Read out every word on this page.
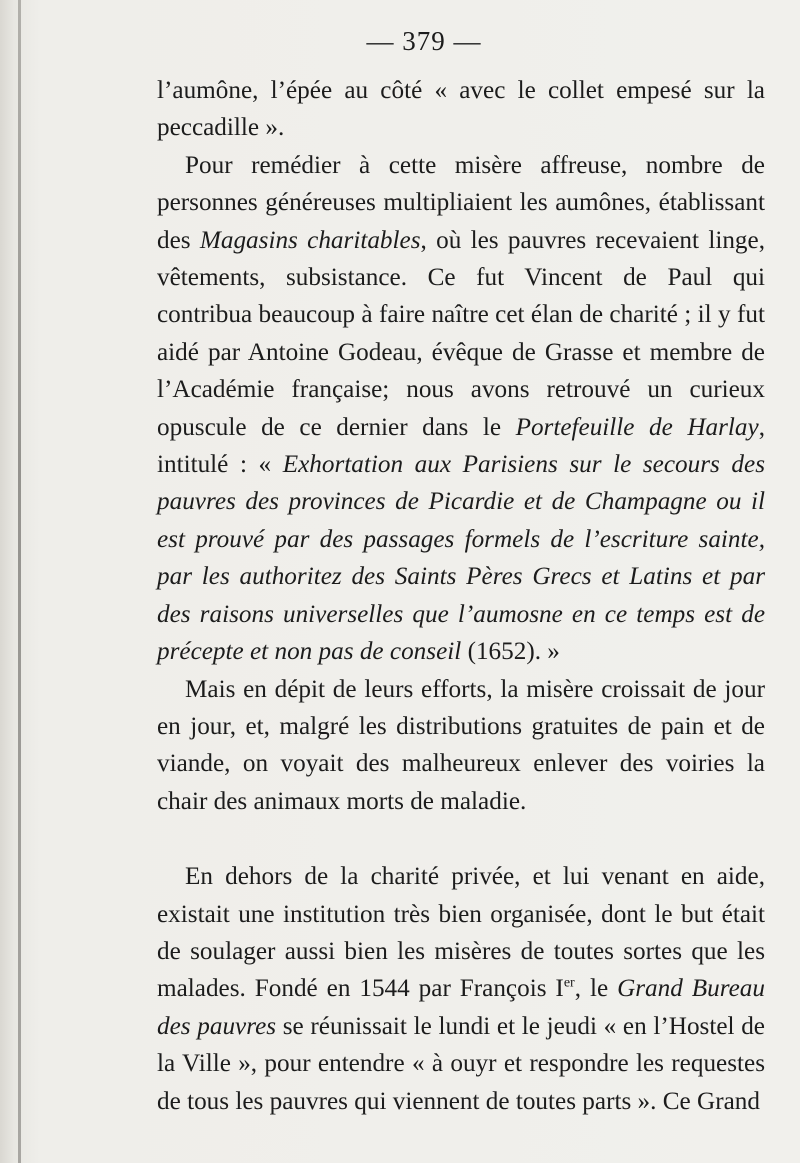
— 379 —

l’aumône, l’épée au côté « avec le collet empesé sur la peccadille ».

Pour remédier à cette misère affreuse, nombre de personnes généreuses multipliaient les aumônes, établissant des Magasins charitables, où les pauvres recevaient linge, vêtements, subsistance. Ce fut Vincent de Paul qui contribua beaucoup à faire naître cet élan de charité ; il y fut aidé par Antoine Godeau, évêque de Grasse et membre de l’Académie française; nous avons retrouvé un curieux opuscule de ce dernier dans le Portefeuille de Harlay, intitulé : « Exhortation aux Parisiens sur le secours des pauvres des provinces de Picardie et de Champagne ou il est prouvé par des passages formels de l’escriture sainte, par les authoritez des Saints Pères Grecs et Latins et par des raisons universelles que l’aumosne en ce temps est de précepte et non pas de conseil (1652). »

Mais en dépit de leurs efforts, la misère croissait de jour en jour, et, malgré les distributions gratuites de pain et de viande, on voyait des malheureux enlever des voiries la chair des animaux morts de maladie.

En dehors de la charité privée, et lui venant en aide, existait une institution très bien organisée, dont le but était de soulager aussi bien les misères de toutes sortes que les malades. Fondé en 1544 par François Ier, le Grand Bureau des pauvres se réunissait le lundi et le jeudi « en l’Hostel de la Ville », pour entendre « à ouyr et respondre les requestes de tous les pauvres qui viennent de toutes parts ». Ce Grand
